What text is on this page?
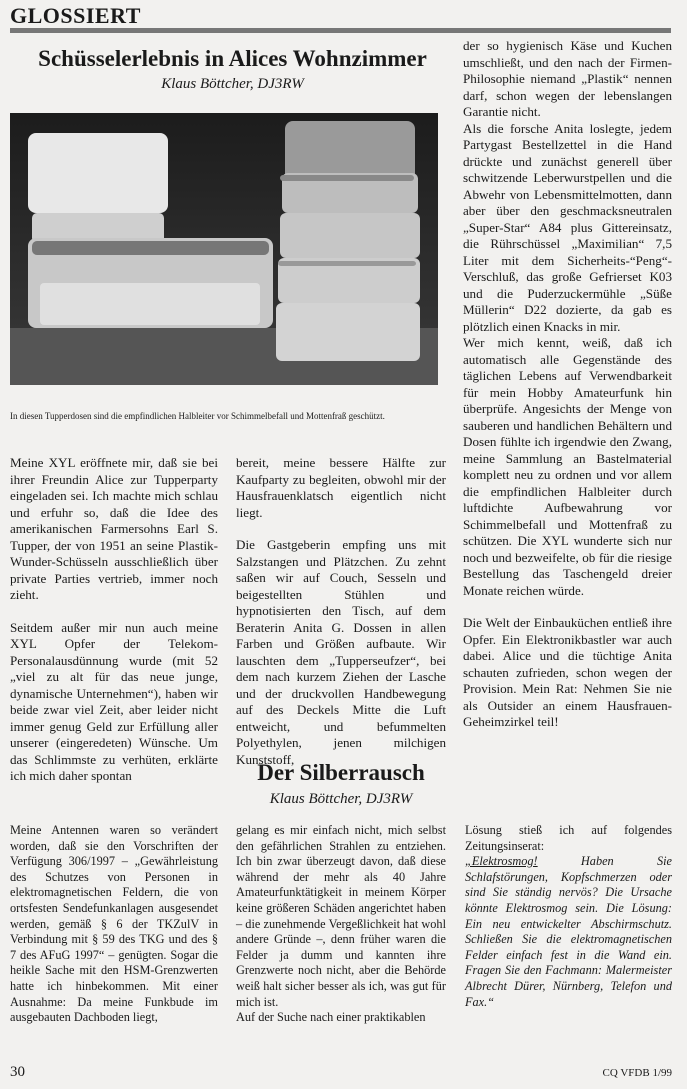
GLOSSIERT
Schüsselerlebnis in Alices Wohnzimmer
Klaus Böttcher, DJ3RW
In diesen Tupperdosen sind die empfindlichen Halbleiter vor Schimmelbefall und Mottenfraß geschützt.

Meine XYL eröffnete mir, daß sie bei ihrer Freundin Alice zur Tupperparty eingeladen sei. Ich machte mich schlau und erfuhr so, daß die Idee des amerikanischen Farmersohns Earl S. Tupper, der von 1951 an seine Plastik-Wunder-Schüsseln ausschließlich über private Parties vertrieb, immer noch zieht.

Seitdem außer mir nun auch meine XYL Opfer der Telekom-Personalausdünnung wurde (mit 52 „viel zu alt für das neue junge, dynamische Unternehmen“), haben wir beide zwar viel Zeit, aber leider nicht immer genug Geld zur Erfüllung aller unserer (eingeredeten) Wünsche. Um das Schlimmste zu verhüten, erklärte ich mich daher spontan

bereit, meine bessere Hälfte zur Kaufparty zu begleiten, obwohl mir der Hausfrauenklatsch eigentlich nicht liegt.

Die Gastgeberin empfing uns mit Salzstangen und Plätzchen. Zu zehnt saßen wir auf Couch, Sesseln und beigestellten Stühlen und hypnotisierten den Tisch, auf dem Beraterin Anita G. Dossen in allen Farben und Größen aufbaute. Wir lauschten dem „Tupperseufzer“, bei dem nach kurzem Ziehen der Lasche und der druckvollen Handbewegung auf des Deckels Mitte die Luft entweicht, und befummelten Polyethylen, jenen milchigen Kunststoff,

der so hygienisch Käse und Kuchen umschließt, und den nach der Firmen-Philosophie niemand „Plastik“ nennen darf, schon wegen der lebenslangen Garantie nicht.

Als die forsche Anita loslegte, jedem Partygast Bestellzettel in die Hand drückte und zunächst generell über schwitzende Leberwurstpellen und die Abwehr von Lebensmittelmotten, dann aber über den geschmacksneutralen „Super-Star“ A84 plus Gittereinsatz, die Rührschüssel „Maximilian“ 7,5 Liter mit dem Sicherheits-“Peng“-Verschluß, das große Gefrierset K03 und die Puderzuckermühle „Süße Müllerin“ D22 dozierte, da gab es plötzlich einen Knacks in mir.

Wer mich kennt, weiß, daß ich automatisch alle Gegenstände des täglichen Lebens auf Verwendbarkeit für mein Hobby Amateurfunk hin überprüfe. Angesichts der Menge von sauberen und handlichen Behältern und Dosen fühlte ich irgendwie den Zwang, meine Sammlung an Bastelmaterial komplett neu zu ordnen und vor allem die empfindlichen Halbleiter durch luftdichte Aufbewahrung vor Schimmelbefall und Mottenfraß zu schützen. Die XYL wunderte sich nur noch und bezweifelte, ob für die riesige Bestellung das Taschengeld dreier Monate reichen würde.

Die Welt der Einbauküchen entließ ihre Opfer. Ein Elektronikbastler war auch dabei. Alice und die tüchtige Anita schauten zufrieden, schon wegen der Provision. Mein Rat: Nehmen Sie nie als Outsider an einem Hausfrauen-Geheimzirkel teil!

Der Silberrausch
Klaus Böttcher, DJ3RW

Meine Antennen waren so verändert worden, daß sie den Vorschriften der Verfügung 306/1997 – „Gewährleistung des Schutzes von Personen in elektromagnetischen Feldern, die von ortsfesten Sendefunkanlagen ausgesendet werden, gemäß § 6 der TKZulV in Verbindung mit § 59 des TKG und des § 7 des AFuG 1997“ – genügten. Sogar die heikle Sache mit den HSM-Grenzwerten hatte ich hinbekommen. Mit einer Ausnahme: Da meine Funkbude im ausgebauten Dachboden liegt,

gelang es mir einfach nicht, mich selbst den gefährlichen Strahlen zu entziehen. Ich bin zwar überzeugt davon, daß diese während der mehr als 40 Jahre Amateurfunktätigkeit in meinem Körper keine größeren Schäden angerichtet haben – die zunehmende Vergeßlichkeit hat wohl andere Gründe –, denn früher waren die Felder ja dumm und kannten ihre Grenzwerte noch nicht, aber die Behörde weiß halt sicher besser als ich, was gut für mich ist.
Auf der Suche nach einer praktikablen

Lösung stieß ich auf folgendes Zeitungsinserat:

„Elektrosmog! Haben Sie Schlafstörungen, Kopfschmerzen oder sind Sie ständig nervös? Die Ursache könnte Elektrosmog sein. Die Lösung: Ein neu entwickelter Abschirmschutz. Schließen Sie die elektromagnetischen Felder einfach fest in die Wand ein. Fragen Sie den Fachmann: Malermeister Albrecht Dürer, Nürnberg, Telefon und Fax.“

30	CQ VFDB 1/99
